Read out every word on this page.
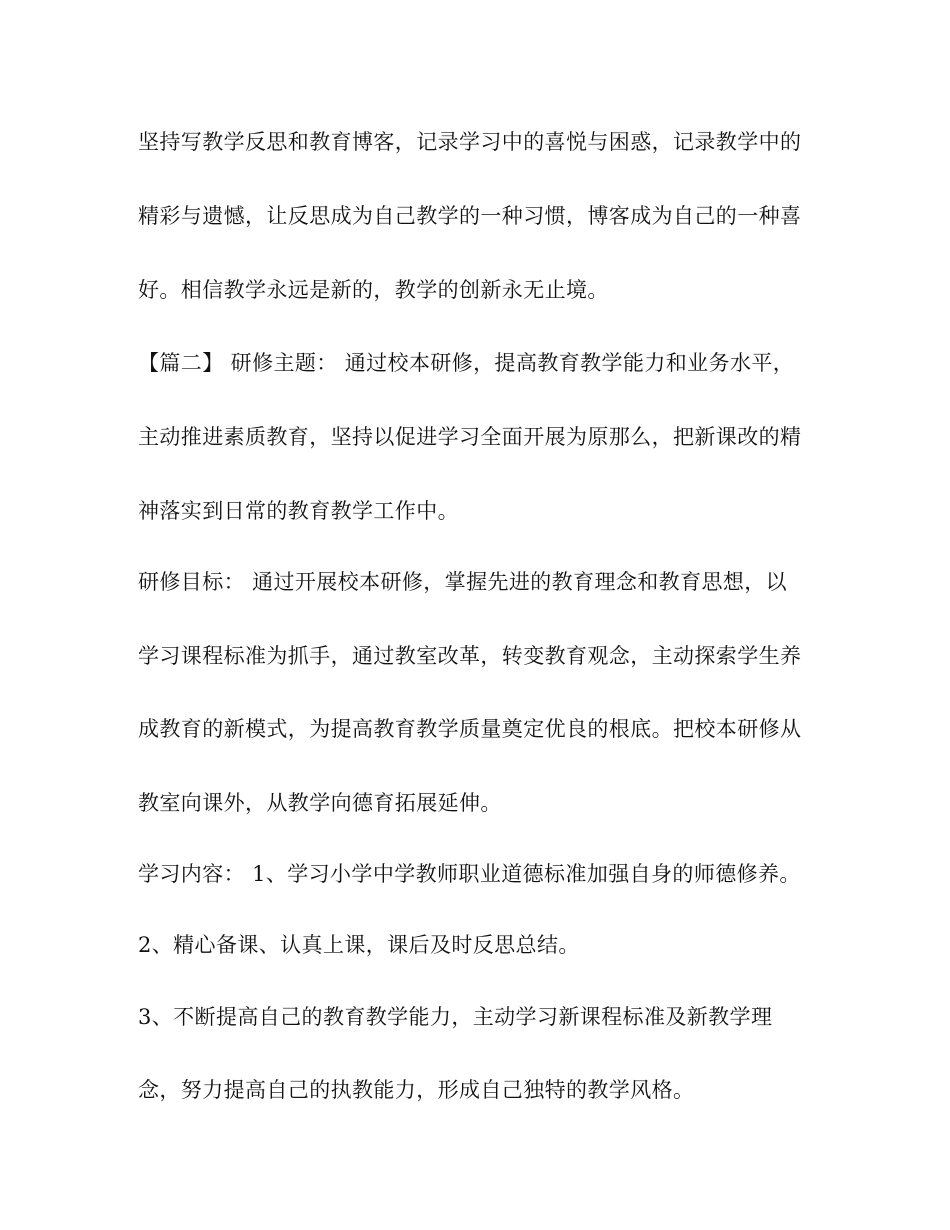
坚持写教学反思和教育博客，记录学习中的喜悦与困惑，记录教学中的
精彩与遗憾，让反思成为自己教学的一种习惯，博客成为自己的一种喜
好。相信教学永远是新的，教学的创新永无止境。
【篇二】 研修主题： 通过校本研修，提高教育教学能力和业务水平，
主动推进素质教育，坚持以促进学习全面开展为原那么，把新课改的精
神落实到日常的教育教学工作中。
研修目标： 通过开展校本研修，掌握先进的教育理念和教育思想，以
学习课程标准为抓手，通过教室改革，转变教育观念，主动探索学生养
成教育的新模式，为提高教育教学质量奠定优良的根底。把校本研修从
教室向课外，从教学向德育拓展延伸。
学习内容： 1、学习小学中学教师职业道德标准加强自身的师德修养。
2、精心备课、认真上课，课后及时反思总结。
3、不断提高自己的教育教学能力，主动学习新课程标准及新教学理
念，努力提高自己的执教能力，形成自己独特的教学风格。
